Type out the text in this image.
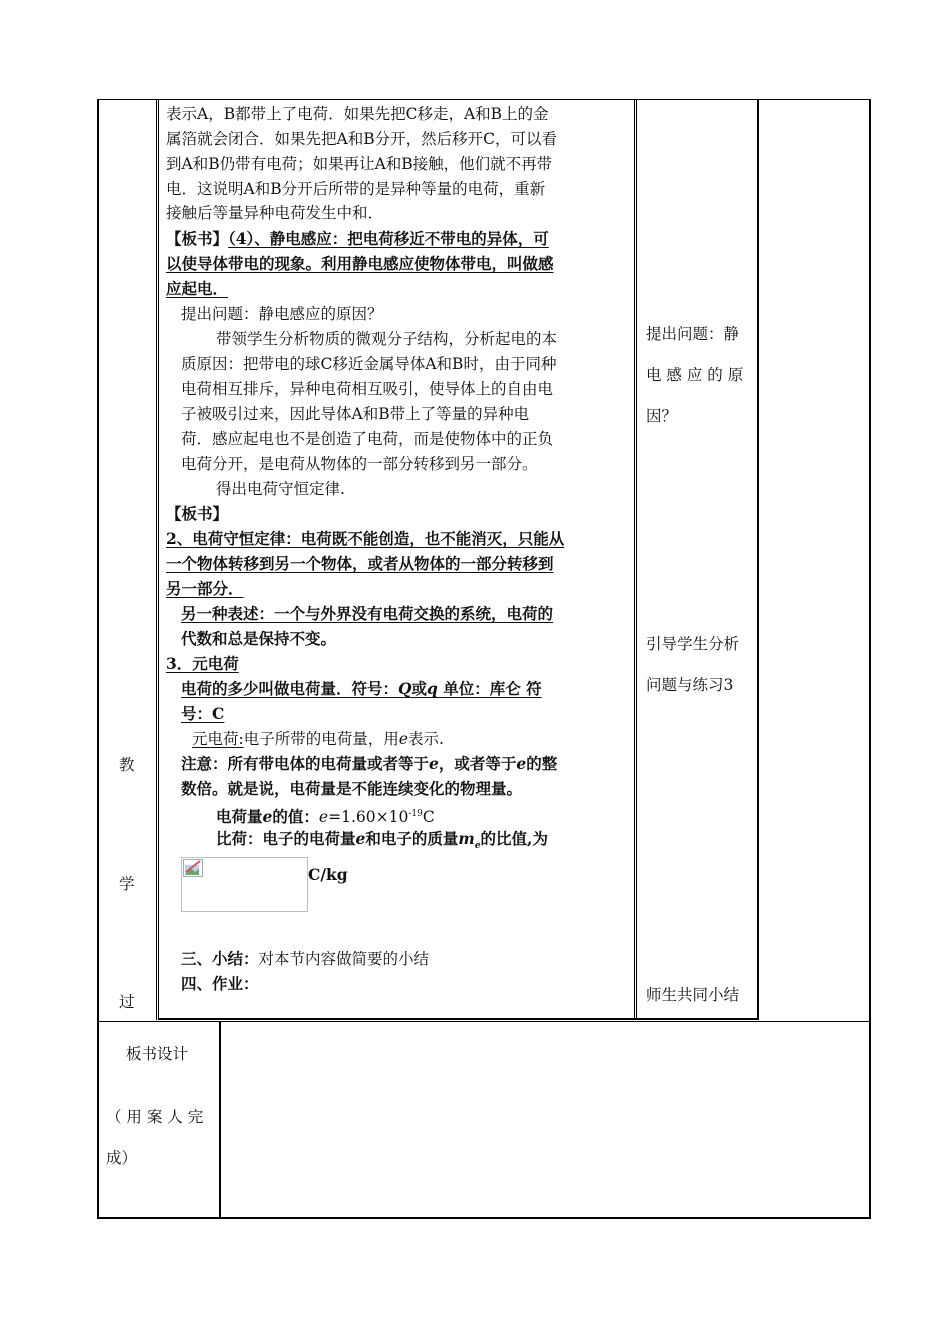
教
学
过
表示A，B都带上了电荷．如果先把C移走，A和B上的金
属箔就会闭合．如果先把A和B分开，然后移开C，可以看
到A和B仍带有电荷；如果再让A和B接触，他们就不再带
电．这说明A和B分开后所带的是异种等量的电荷，重新
接触后等量异种电荷发生中和．
【板书】（4）、静电感应：把电荷移近不带电的异体，可
以使导体带电的现象。利用静电感应使物体带电，叫做感
应起电．
提出问题：静电感应的原因？
带领学生分析物质的微观分子结构，分析起电的本
质原因：把带电的球C移近金属导体A和B时，由于同种
电荷相互排斥，异种电荷相互吸引，使导体上的自由电
子被吸引过来，因此导体A和B带上了等量的异种电
荷．感应起电也不是创造了电荷，而是使物体中的正负
电荷分开，是电荷从物体的一部分转移到另一部分。
得出电荷守恒定律.
【板书】
2、电荷守恒定律：电荷既不能创造，也不能消灭，只能从
一个物体转移到另一个物体，或者从物体的一部分转移到
另一部分．
另一种表述：一个与外界没有电荷交换的系统，电荷的
代数和总是保持不变。
3．元电荷
电荷的多少叫做电荷量．符号：Q或q 单位：库仑 符
号：C
元电荷:电子所带的电荷量，用e表示.
注意：所有带电体的电荷量或者等于e，或者等于e的整
数倍。就是说，电荷量是不能连续变化的物理量。
电荷量e的值：$e=1.60\times 10^{-19}C$
比荷：电子的电荷量e和电子的质量$m_e$的比值,为
C/kg
三、小结：对本节内容做简要的小结
四、作业：
提出问题：静
电 感 应 的 原
因？
引导学生分析
问题与练习3
师生共同小结
板书设计
（ 用 案 人 完
成）
